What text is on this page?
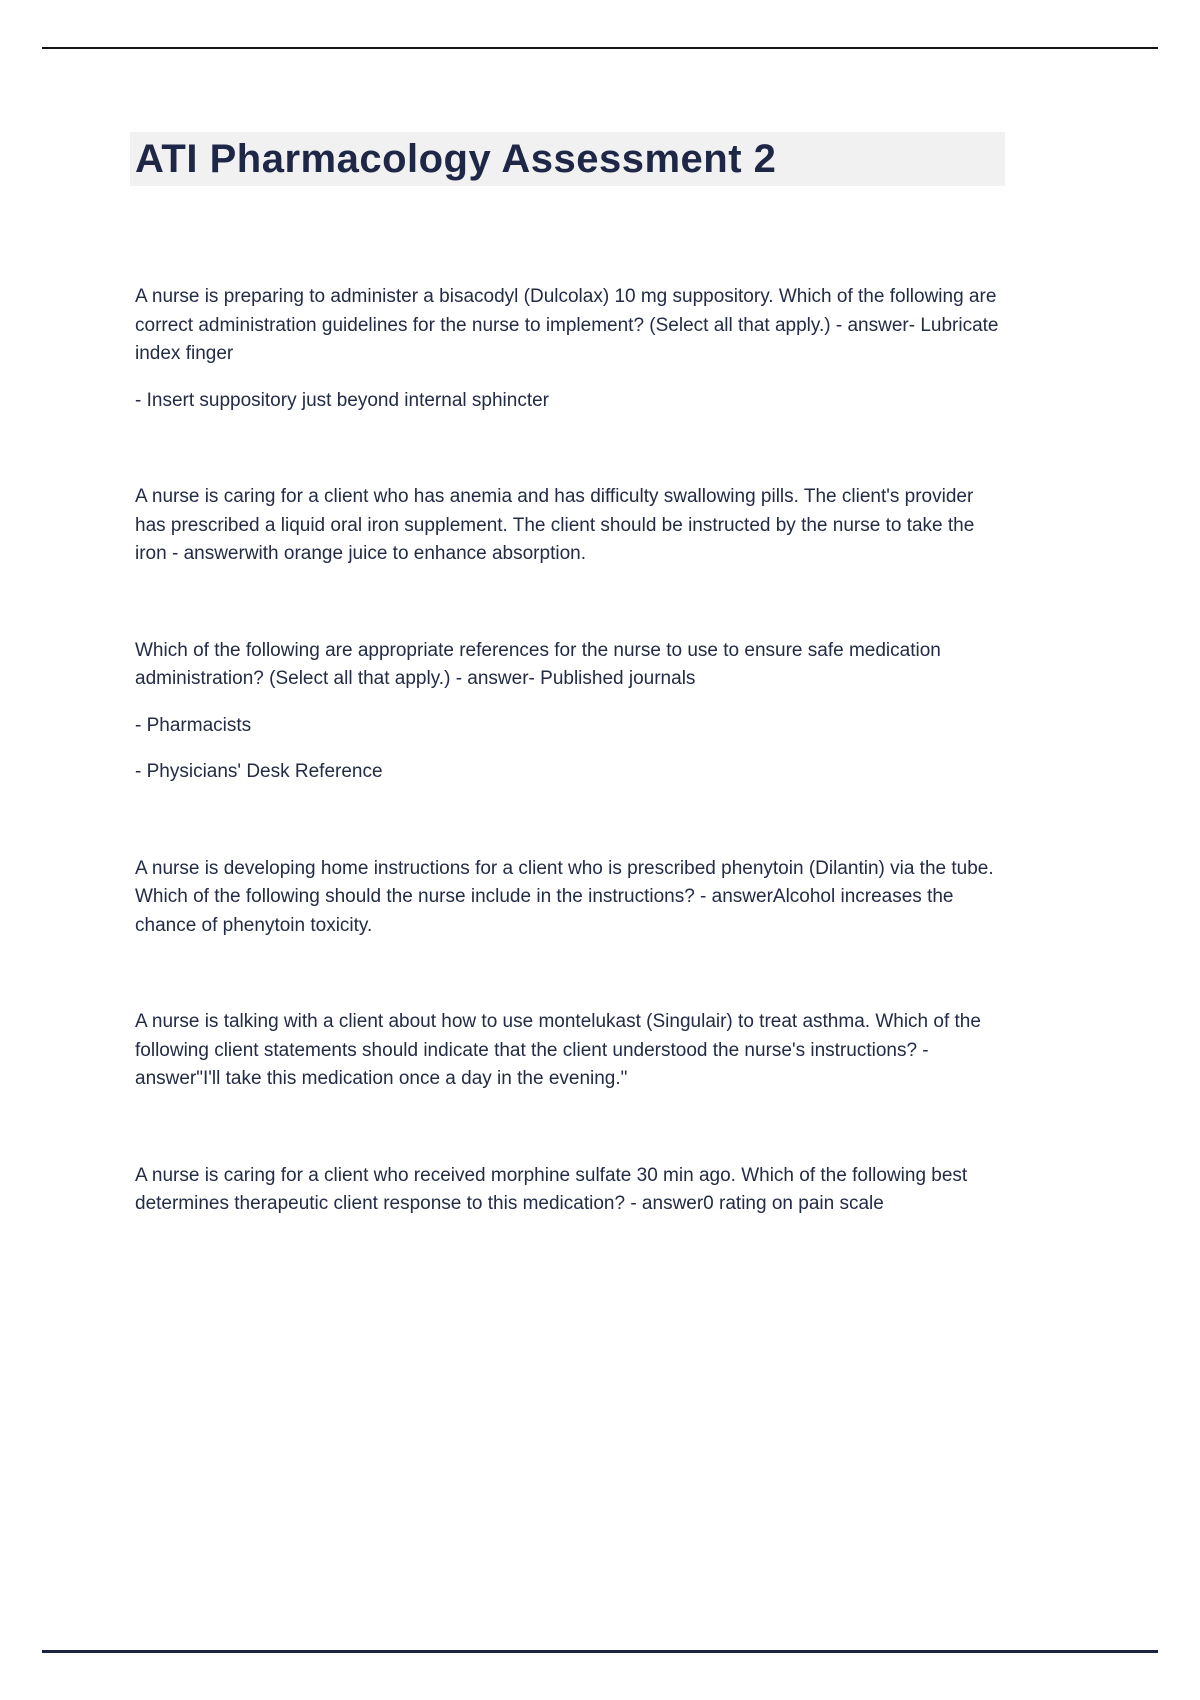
ATI Pharmacology Assessment 2

A nurse is preparing to administer a bisacodyl (Dulcolax) 10 mg suppository. Which of the following are correct administration guidelines for the nurse to implement? (Select all that apply.) - answer- Lubricate index finger

- Insert suppository just beyond internal sphincter

A nurse is caring for a client who has anemia and has difficulty swallowing pills. The client's provider has prescribed a liquid oral iron supplement. The client should be instructed by the nurse to take the iron - answerwith orange juice to enhance absorption.

Which of the following are appropriate references for the nurse to use to ensure safe medication administration? (Select all that apply.) - answer- Published journals

- Pharmacists

- Physicians' Desk Reference

A nurse is developing home instructions for a client who is prescribed phenytoin (Dilantin) via the tube. Which of the following should the nurse include in the instructions? - answerAlcohol increases the chance of phenytoin toxicity.

A nurse is talking with a client about how to use montelukast (Singulair) to treat asthma. Which of the following client statements should indicate that the client understood the nurse's instructions? - answer"I'll take this medication once a day in the evening."

A nurse is caring for a client who received morphine sulfate 30 min ago. Which of the following best determines therapeutic client response to this medication? - answer0 rating on pain scale
